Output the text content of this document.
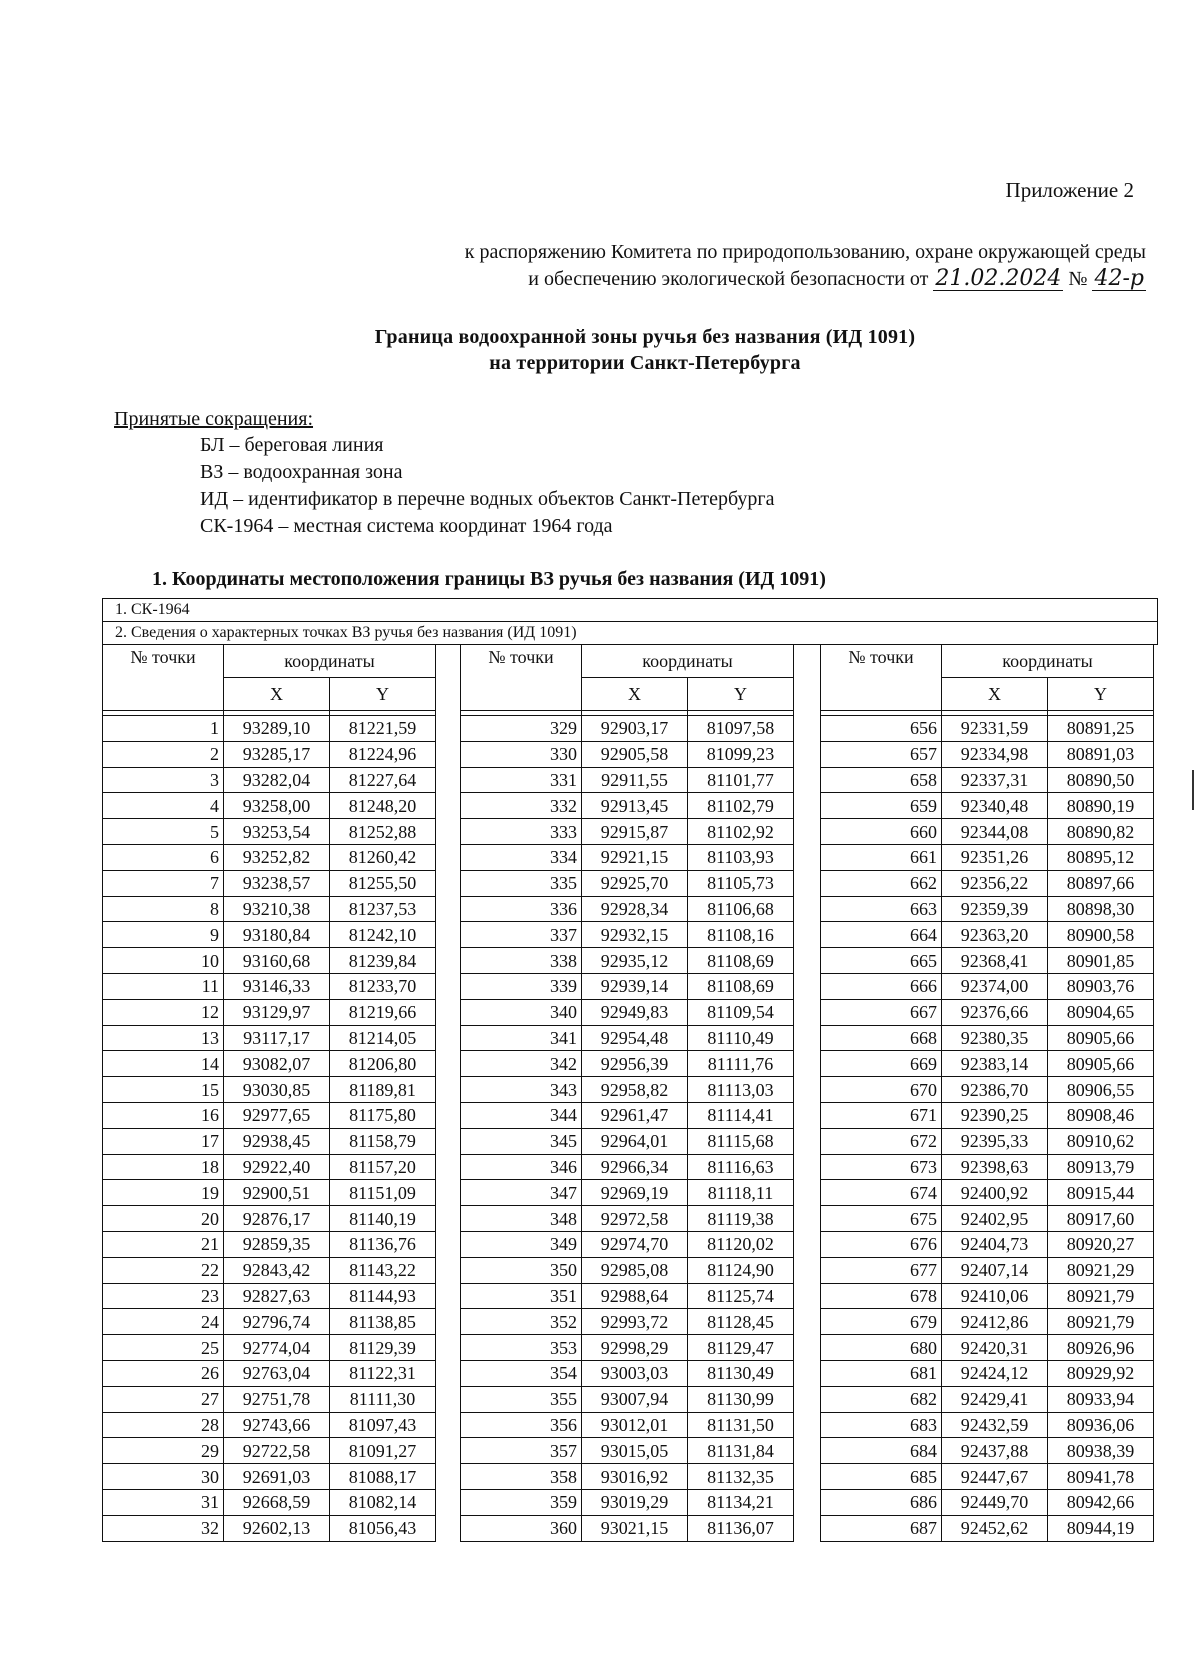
Приложение 2
к распоряжению Комитета по природопользованию, охране окружающей среды
и обеспечению экологической безопасности от 21.02.2024 № 42-р
Граница водоохранной зоны ручья без названия (ИД 1091)
на территории Санкт-Петербурга
Принятые сокращения:
БЛ – береговая линия
ВЗ – водоохранная зона
ИД – идентификатор в перечне водных объектов Санкт-Петербурга
СК-1964 – местная система координат 1964 года
1. Координаты местоположения границы ВЗ ручья без названия (ИД 1091)
1. СК-1964
2. Сведения о характерных точках ВЗ ручья без названия (ИД 1091)
№ точки	координаты	
	X	Y

1	93289,10	81221,59
2	93285,17	81224,96
3	93282,04	81227,64
4	93258,00	81248,20
5	93253,54	81252,88
6	93252,82	81260,42
7	93238,57	81255,50
8	93210,38	81237,53
9	93180,84	81242,10
10	93160,68	81239,84
11	93146,33	81233,70
12	93129,97	81219,66
13	93117,17	81214,05
14	93082,07	81206,80
15	93030,85	81189,81
16	92977,65	81175,80
17	92938,45	81158,79
18	92922,40	81157,20
19	92900,51	81151,09
20	92876,17	81140,19
21	92859,35	81136,76
22	92843,42	81143,22
23	92827,63	81144,93
24	92796,74	81138,85
25	92774,04	81129,39
26	92763,04	81122,31
27	92751,78	81111,30
28	92743,66	81097,43
29	92722,58	81091,27
30	92691,03	81088,17
31	92668,59	81082,14
32	92602,13	81056,43
№ точки	координаты	
	X	Y

329	92903,17	81097,58
330	92905,58	81099,23
331	92911,55	81101,77
332	92913,45	81102,79
333	92915,87	81102,92
334	92921,15	81103,93
335	92925,70	81105,73
336	92928,34	81106,68
337	92932,15	81108,16
338	92935,12	81108,69
339	92939,14	81108,69
340	92949,83	81109,54
341	92954,48	81110,49
342	92956,39	81111,76
343	92958,82	81113,03
344	92961,47	81114,41
345	92964,01	81115,68
346	92966,34	81116,63
347	92969,19	81118,11
348	92972,58	81119,38
349	92974,70	81120,02
350	92985,08	81124,90
351	92988,64	81125,74
352	92993,72	81128,45
353	92998,29	81129,47
354	93003,03	81130,49
355	93007,94	81130,99
356	93012,01	81131,50
357	93015,05	81131,84
358	93016,92	81132,35
359	93019,29	81134,21
360	93021,15	81136,07
№ точки	координаты	
	X	Y

656	92331,59	80891,25
657	92334,98	80891,03
658	92337,31	80890,50
659	92340,48	80890,19
660	92344,08	80890,82
661	92351,26	80895,12
662	92356,22	80897,66
663	92359,39	80898,30
664	92363,20	80900,58
665	92368,41	80901,85
666	92374,00	80903,76
667	92376,66	80904,65
668	92380,35	80905,66
669	92383,14	80905,66
670	92386,70	80906,55
671	92390,25	80908,46
672	92395,33	80910,62
673	92398,63	80913,79
674	92400,92	80915,44
675	92402,95	80917,60
676	92404,73	80920,27
677	92407,14	80921,29
678	92410,06	80921,79
679	92412,86	80921,79
680	92420,31	80926,96
681	92424,12	80929,92
682	92429,41	80933,94
683	92432,59	80936,06
684	92437,88	80938,39
685	92447,67	80941,78
686	92449,70	80942,66
687	92452,62	80944,19
